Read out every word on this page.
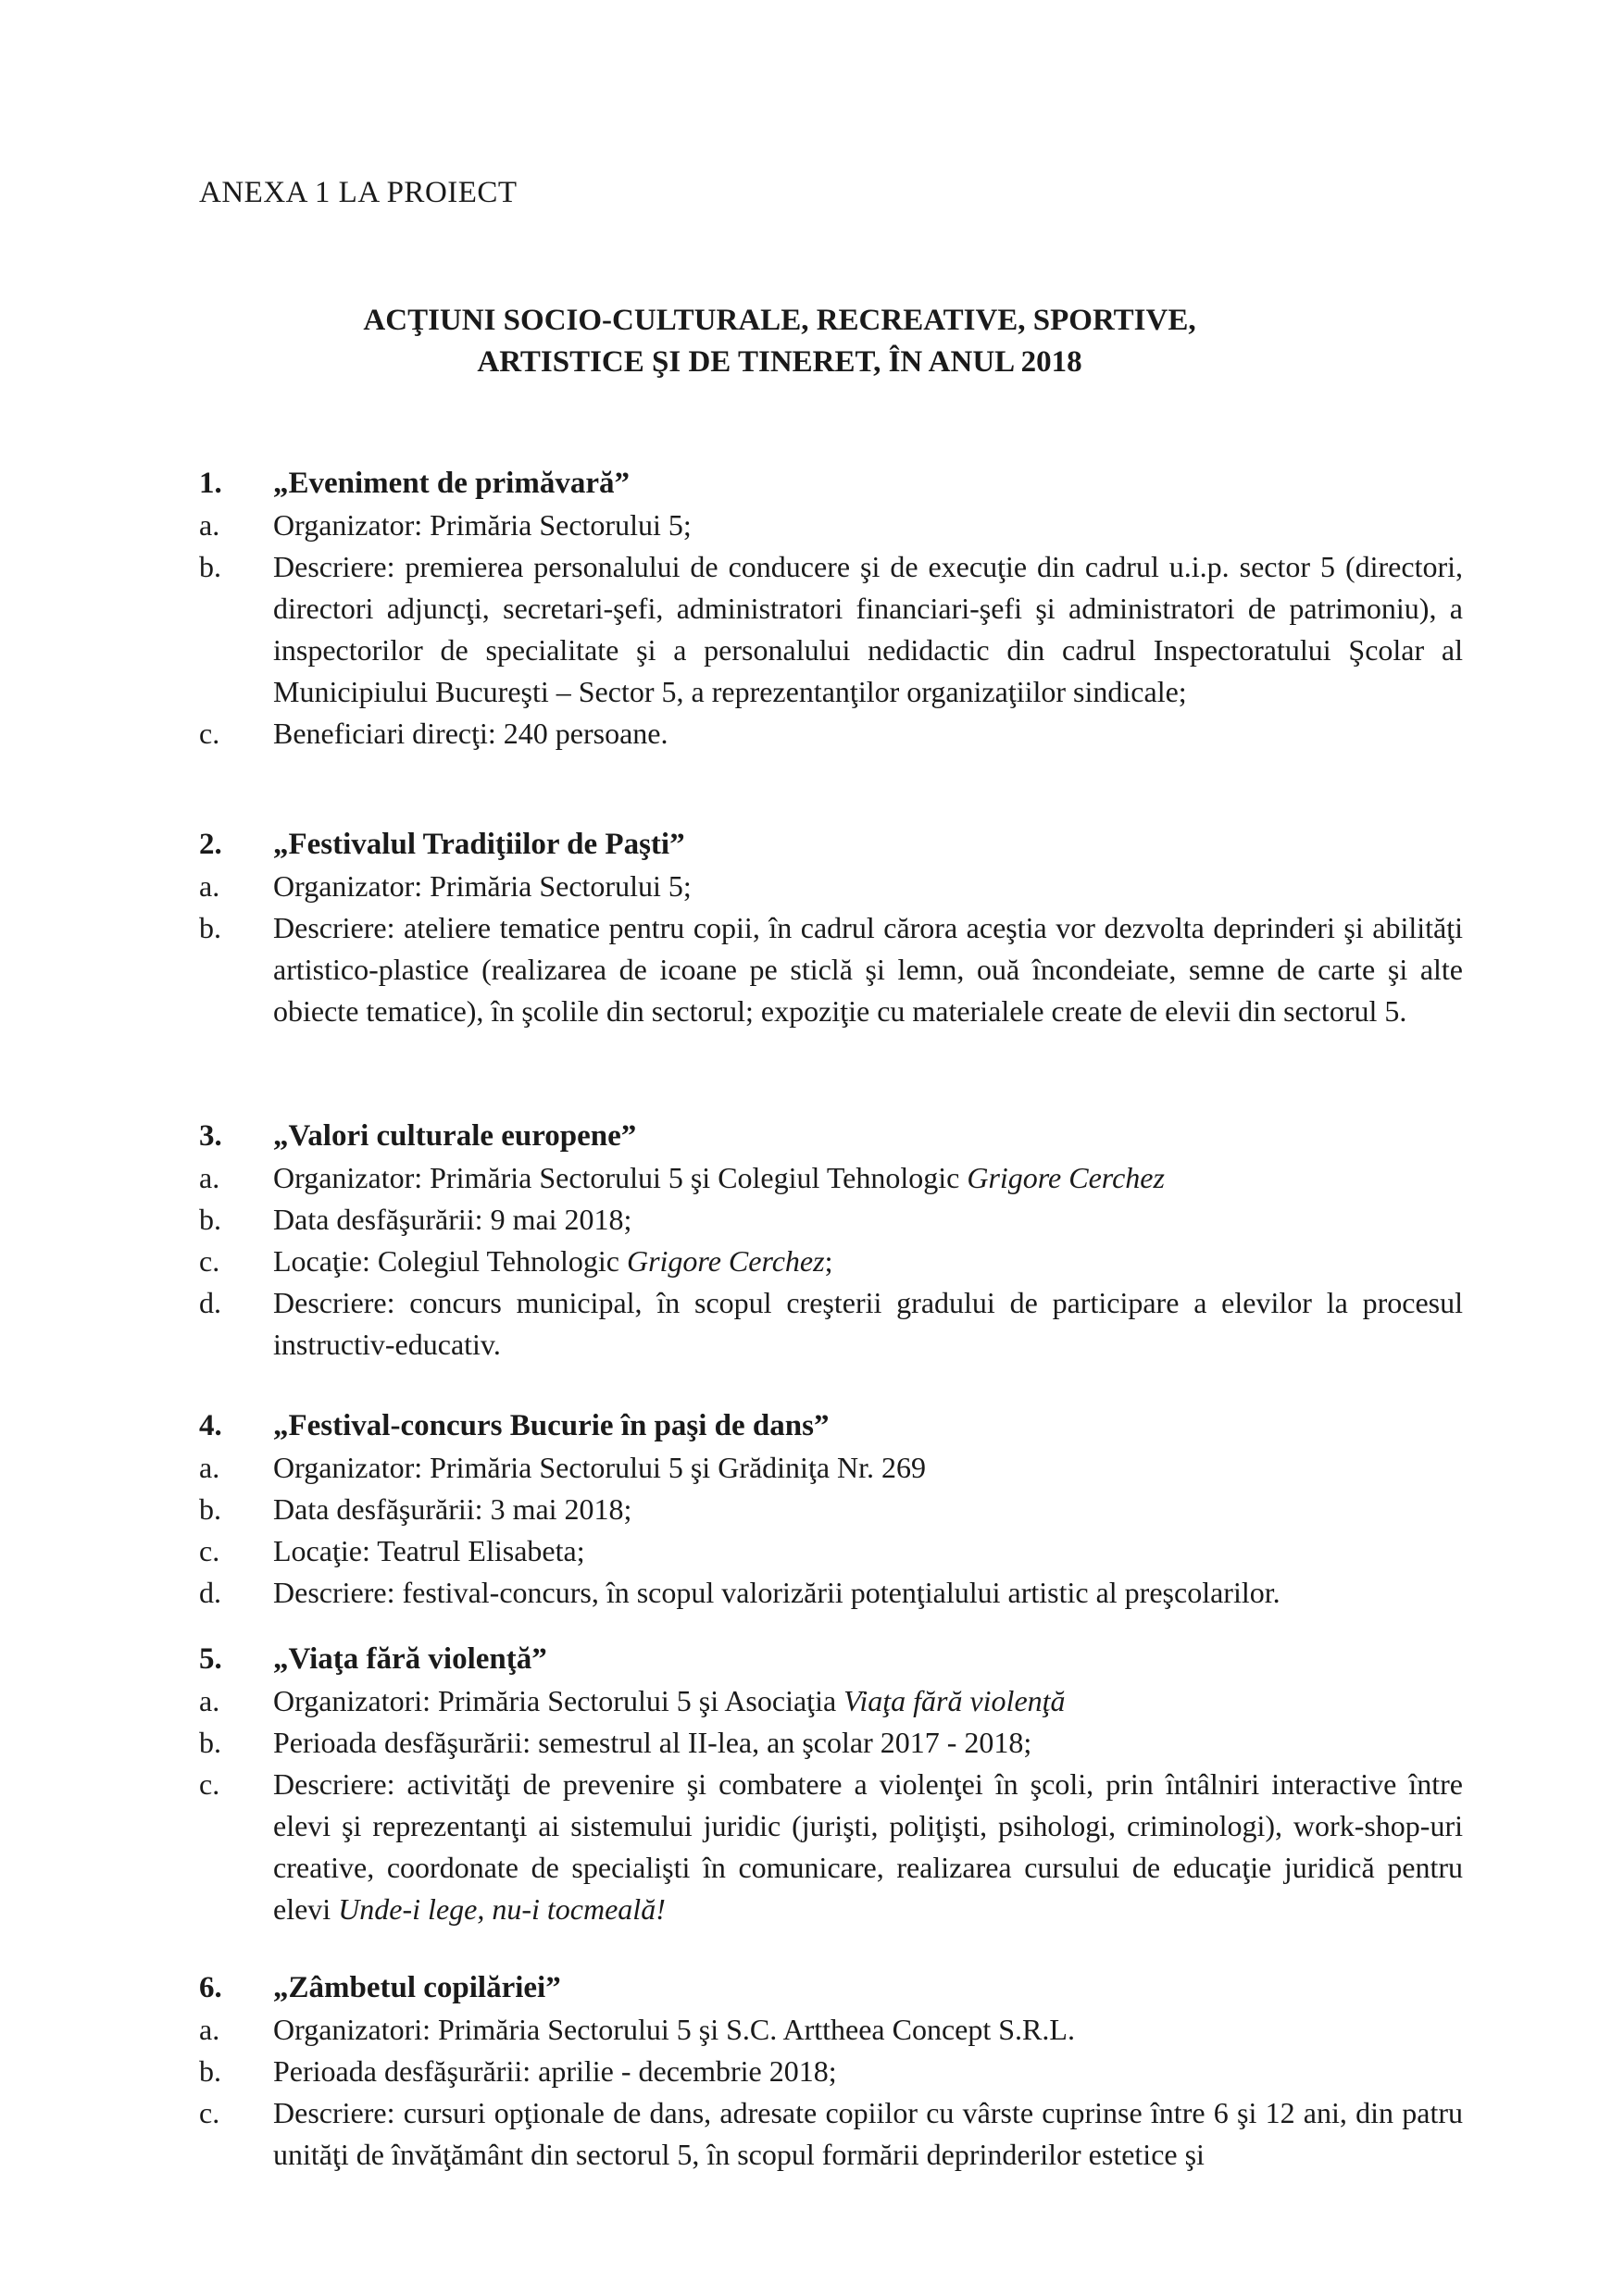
ANEXA 1 LA PROIECT
ACŢIUNI SOCIO-CULTURALE, RECREATIVE, SPORTIVE,
ARTISTICE ŞI DE TINERET, ÎN ANUL 2018
1.	„Eveniment de primăvară”
a.	Organizator: Primăria Sectorului 5;
b.	Descriere: premierea personalului de conducere şi de execuţie din cadrul u.i.p. sector 5 (directori, directori adjuncţi, secretari-şefi, administratori financiari-şefi şi administratori de patrimoniu), a inspectorilor de specialitate şi a personalului nedidactic din cadrul Inspectoratului Şcolar al Municipiului Bucureşti – Sector 5, a reprezentanţilor organizaţiilor sindicale;
c.	Beneficiari direcţi: 240 persoane.
2.	„Festivalul Tradiţiilor de Paşti”
a.	Organizator: Primăria Sectorului 5;
b.	Descriere: ateliere tematice pentru copii, în cadrul cărora aceştia vor dezvolta deprinderi şi abilităţi artistico-plastice (realizarea de icoane pe sticlă şi lemn, ouă încondeiate, semne de carte şi alte obiecte tematice), în şcolile din sectorul; expoziţie cu materialele create de elevii din sectorul 5.
3.	„Valori culturale europene”
a.	Organizator: Primăria Sectorului 5 şi Colegiul Tehnologic Grigore Cerchez
b.	Data desfăşurării: 9 mai 2018;
c.	Locaţie: Colegiul Tehnologic Grigore Cerchez;
d.	Descriere: concurs municipal, în scopul creşterii gradului de participare a elevilor la procesul instructiv-educativ.
4.	„Festival-concurs Bucurie în paşi de dans”
a.	Organizator: Primăria Sectorului 5 şi Grădiniţa Nr. 269
b.	Data desfăşurării: 3 mai 2018;
c.	Locaţie: Teatrul Elisabeta;
d.	Descriere: festival-concurs, în scopul valorizării potenţialului artistic al preşcolarilor.
5.	„Viaţa fără violenţă”
a.	Organizatori: Primăria Sectorului 5 şi Asociaţia Viaţa fără violenţă
b.	Perioada desfăşurării: semestrul al II-lea, an şcolar 2017 - 2018;
c.	Descriere: activităţi de prevenire şi combatere a violenţei în şcoli, prin întâlniri interactive între elevi şi reprezentanţi ai sistemului juridic (jurişti, poliţişti, psihologi, criminologi), work-shop-uri creative, coordonate de specialişti în comunicare, realizarea cursului de educaţie juridică pentru elevi Unde-i lege, nu-i tocmeală!
6.	„Zâmbetul copilăriei”
a.	Organizatori: Primăria Sectorului 5 şi S.C. Arttheea Concept S.R.L.
b.	Perioada desfăşurării: aprilie - decembrie 2018;
c.	Descriere: cursuri opţionale de dans, adresate copiilor cu vârste cuprinse între 6 şi 12 ani, din patru unităţi de învăţământ din sectorul 5, în scopul formării deprinderilor estetice şi
